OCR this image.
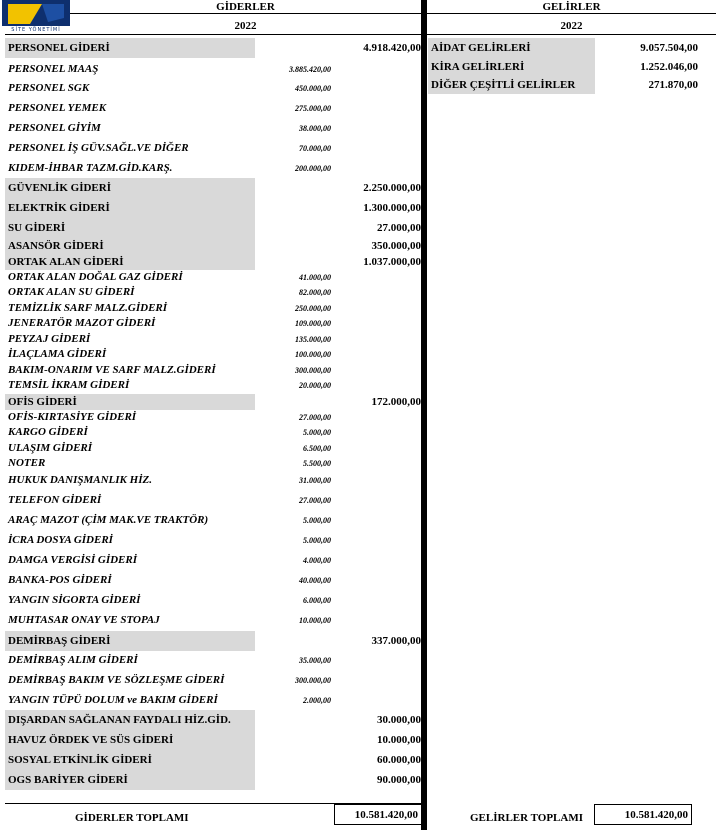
SİTE YÖNETİMİ
GİDERLER
2022
GELİRLER
2022
PERSONEL GİDERİ	4.918.420,00
PERSONEL MAAŞ	3.885.420,00
PERSONEL SGK	450.000,00
PERSONEL YEMEK	275.000,00
PERSONEL GİYİM	38.000,00
PERSONEL İŞ GÜV.SAĞL.VE DİĞER	70.000,00
KIDEM-İHBAR TAZM.GİD.KARŞ.	200.000,00
GÜVENLİK GİDERİ	2.250.000,00
ELEKTRİK GİDERİ	1.300.000,00
SU GİDERİ	27.000,00
ASANSÖR GİDERİ	350.000,00
ORTAK ALAN GİDERİ	1.037.000,00
ORTAK ALAN DOĞAL GAZ GİDERİ	41.000,00
ORTAK ALAN SU GİDERİ	82.000,00
TEMİZLİK SARF MALZ.GİDERİ	250.000,00
JENERATÖR MAZOT GİDERİ	109.000,00
PEYZAJ GİDERİ	135.000,00
İLAÇLAMA GİDERİ	100.000,00
BAKIM-ONARIM VE SARF MALZ.GİDERİ	300.000,00
TEMSİL İKRAM GİDERİ	20.000,00
OFİS GİDERİ	172.000,00
OFİS-KIRTASİYE GİDERİ	27.000,00
KARGO GİDERİ	5.000,00
ULAŞIM GİDERİ	6.500,00
NOTER	5.500,00
HUKUK DANIŞMANLIK HİZ.	31.000,00
TELEFON GİDERİ	27.000,00
ARAÇ MAZOT (ÇİM MAK.VE TRAKTÖR)	5.000,00
İCRA DOSYA GİDERİ	5.000,00
DAMGA VERGİSİ GİDERİ	4.000,00
BANKA-POS GİDERİ	40.000,00
YANGIN SİGORTA GİDERİ	6.000,00
MUHTASAR ONAY VE STOPAJ	10.000,00
DEMİRBAŞ GİDERİ	337.000,00
DEMİRBAŞ ALIM GİDERİ	35.000,00
DEMİRBAŞ BAKIM VE SÖZLEŞME GİDERİ	300.000,00
YANGIN TÜPÜ DOLUM ve BAKIM GİDERİ	2.000,00
DIŞARDAN SAĞLANAN FAYDALI HİZ.GİD.	30.000,00
HAVUZ ÖRDEK VE SÜS GİDERİ	10.000,00
SOSYAL ETKİNLİK GİDERİ	60.000,00
OGS BARİYER GİDERİ	90.000,00
AİDAT GELİRLERİ	9.057.504,00
KİRA GELİRLERİ	1.252.046,00
DİĞER ÇEŞİTLİ GELİRLER	271.870,00
GİDERLER TOPLAMI	10.581.420,00	GELİRLER TOPLAMI	10.581.420,00
